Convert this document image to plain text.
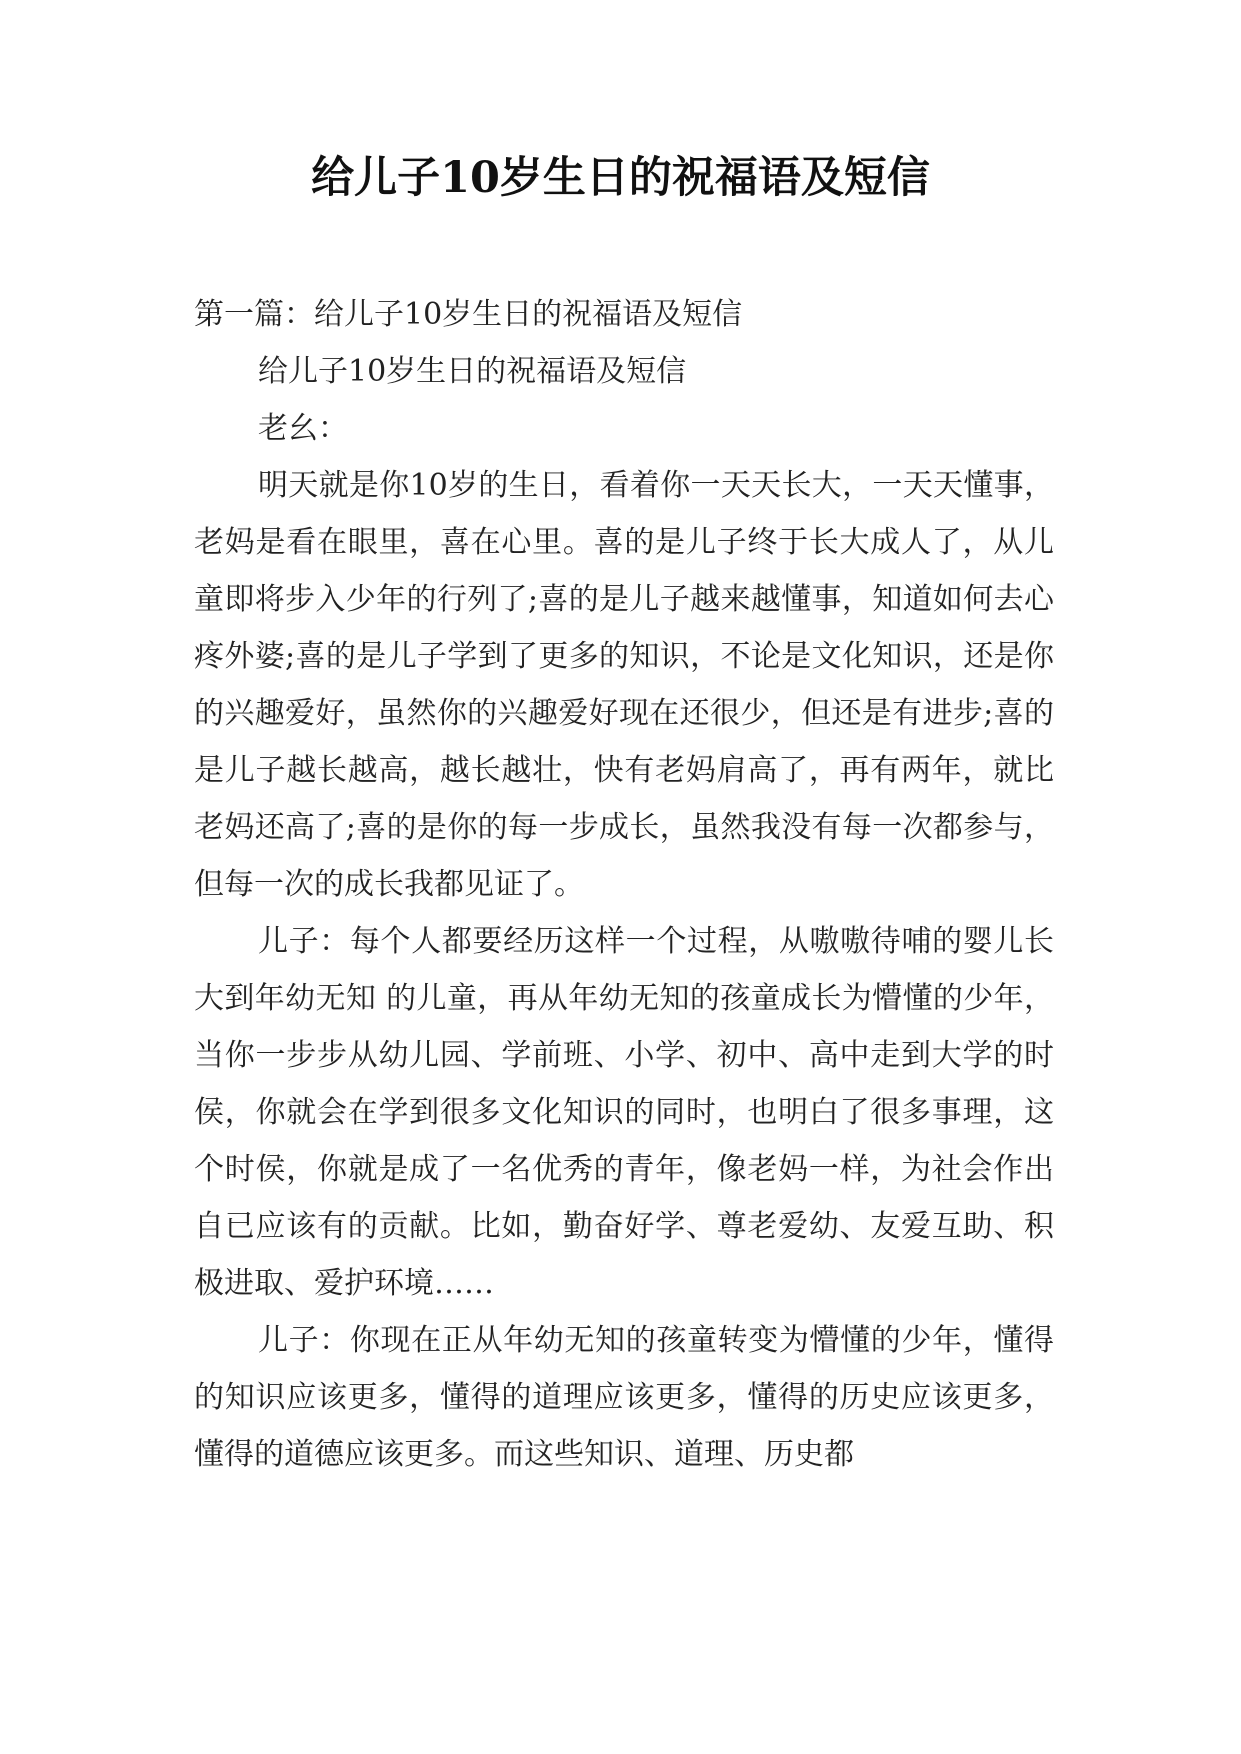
给儿子10岁生日的祝福语及短信

第一篇：给儿子10岁生日的祝福语及短信

给儿子10岁生日的祝福语及短信

老幺：

明天就是你10岁的生日，看着你一天天长大，一天天懂事，老妈是看在眼里，喜在心里。喜的是儿子终于长大成人了，从儿童即将步入少年的行列了;喜的是儿子越来越懂事，知道如何去心疼外婆;喜的是儿子学到了更多的知识，不论是文化知识，还是你的兴趣爱好，虽然你的兴趣爱好现在还很少，但还是有进步;喜的是儿子越长越高，越长越壮，快有老妈肩高了，再有两年，就比老妈还高了;喜的是你的每一步成长，虽然我没有每一次都参与，但每一次的成长我都见证了。

儿子：每个人都要经历这样一个过程，从嗷嗷待哺的婴儿长大到年幼无知 的儿童，再从年幼无知的孩童成长为懵懂的少年，当你一步步从幼儿园、学前班、小学、初中、高中走到大学的时侯，你就会在学到很多文化知识的同时，也明白了很多事理，这个时侯，你就是成了一名优秀的青年，像老妈一样，为社会作出自已应该有的贡献。比如，勤奋好学、尊老爱幼、友爱互助、积极进取、爱护环境……

儿子：你现在正从年幼无知的孩童转变为懵懂的少年，懂得的知识应该更多，懂得的道理应该更多，懂得的历史应该更多，懂得的道德应该更多。而这些知识、道理、历史都
